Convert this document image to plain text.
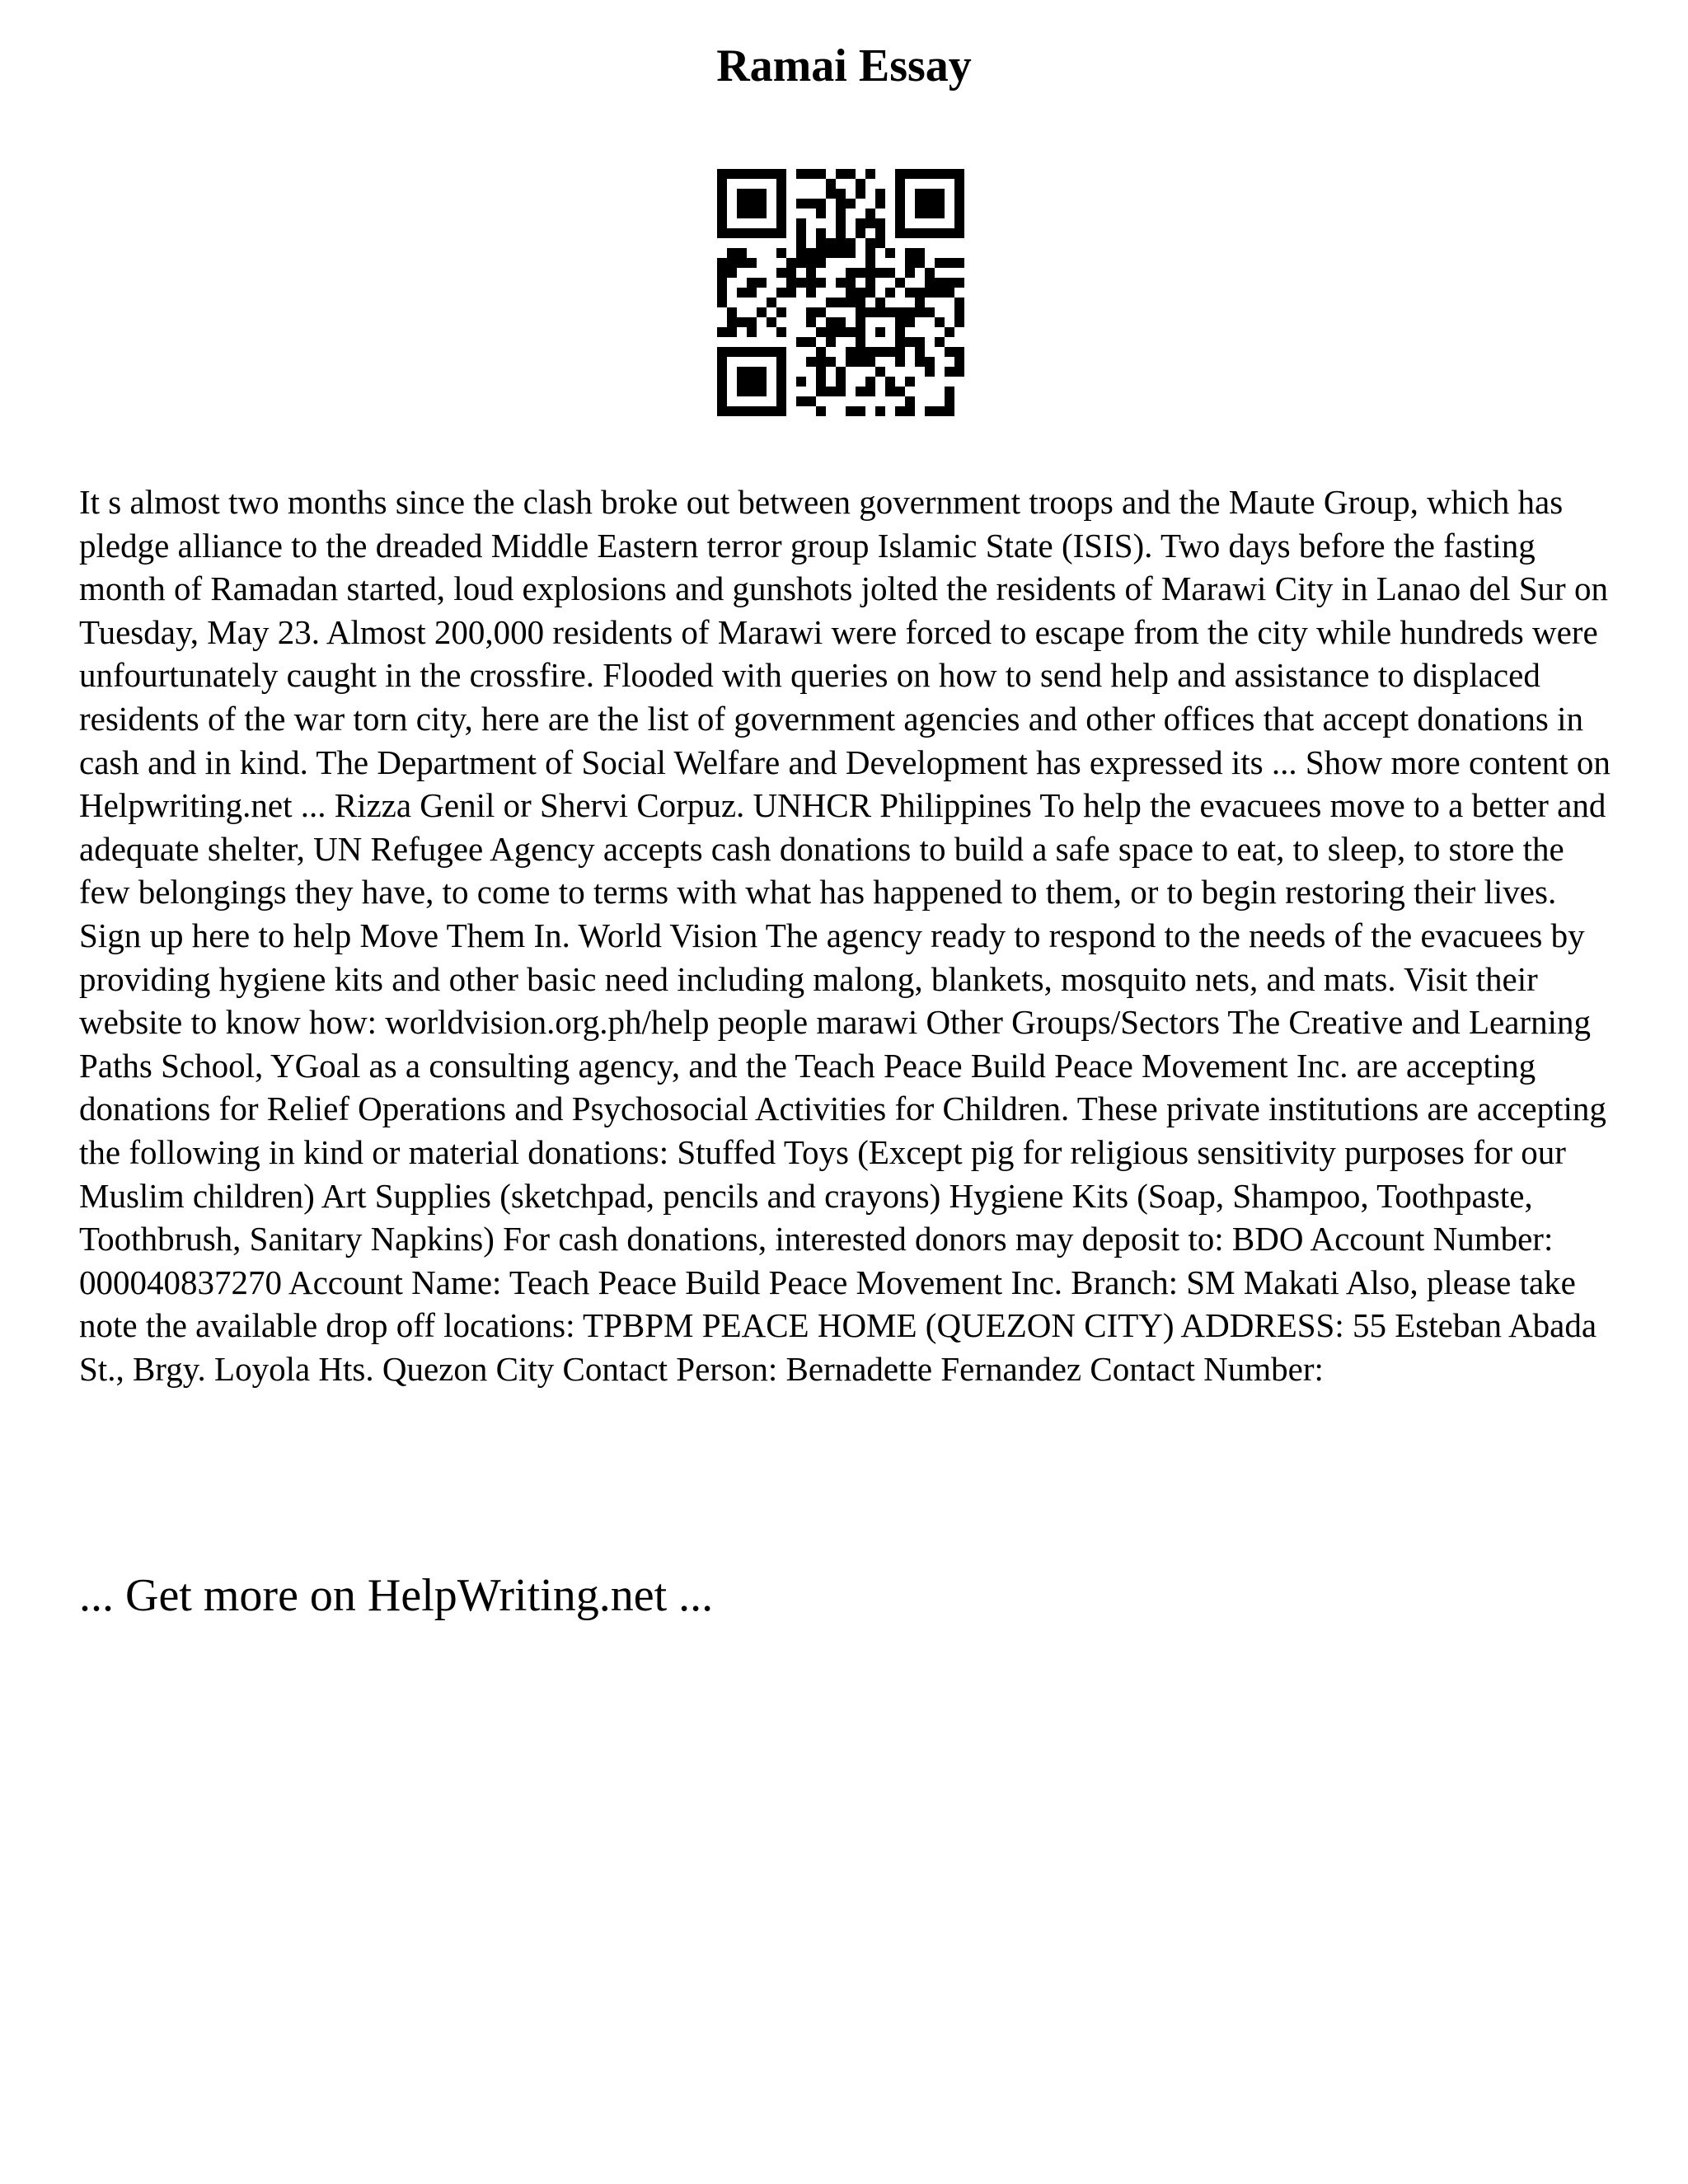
Ramai Essay

It s almost two months since the clash broke out between government troops and the Maute Group, which has pledge alliance to the dreaded Middle Eastern terror group Islamic State (ISIS). Two days before the fasting month of Ramadan started, loud explosions and gunshots jolted the residents of Marawi City in Lanao del Sur on Tuesday, May 23. Almost 200,000 residents of Marawi were forced to escape from the city while hundreds were unfourtunately caught in the crossfire. Flooded with queries on how to send help and assistance to displaced residents of the war torn city, here are the list of government agencies and other offices that accept donations in cash and in kind. The Department of Social Welfare and Development has expressed its ... Show more content on Helpwriting.net ... Rizza Genil or Shervi Corpuz. UNHCR Philippines To help the evacuees move to a better and adequate shelter, UN Refugee Agency accepts cash donations to build a safe space to eat, to sleep, to store the few belongings they have, to come to terms with what has happened to them, or to begin restoring their lives. Sign up here to help Move Them In. World Vision The agency ready to respond to the needs of the evacuees by providing hygiene kits and other basic need including malong, blankets, mosquito nets, and mats. Visit their website to know how: worldvision.org.ph/help people marawi Other Groups/Sectors The Creative and Learning Paths School, YGoal as a consulting agency, and the Teach Peace Build Peace Movement Inc. are accepting donations for Relief Operations and Psychosocial Activities for Children. These private institutions are accepting the following in kind or material donations: Stuffed Toys (Except pig for religious sensitivity purposes for our Muslim children) Art Supplies (sketchpad, pencils and crayons) Hygiene Kits (Soap, Shampoo, Toothpaste, Toothbrush, Sanitary Napkins) For cash donations, interested donors may deposit to: BDO Account Number: 000040837270 Account Name: Teach Peace Build Peace Movement Inc. Branch: SM Makati Also, please take note the available drop off locations: TPBPM PEACE HOME (QUEZON CITY) ADDRESS: 55 Esteban Abada St., Brgy. Loyola Hts. Quezon City Contact Person: Bernadette Fernandez Contact Number:

... Get more on HelpWriting.net ...
